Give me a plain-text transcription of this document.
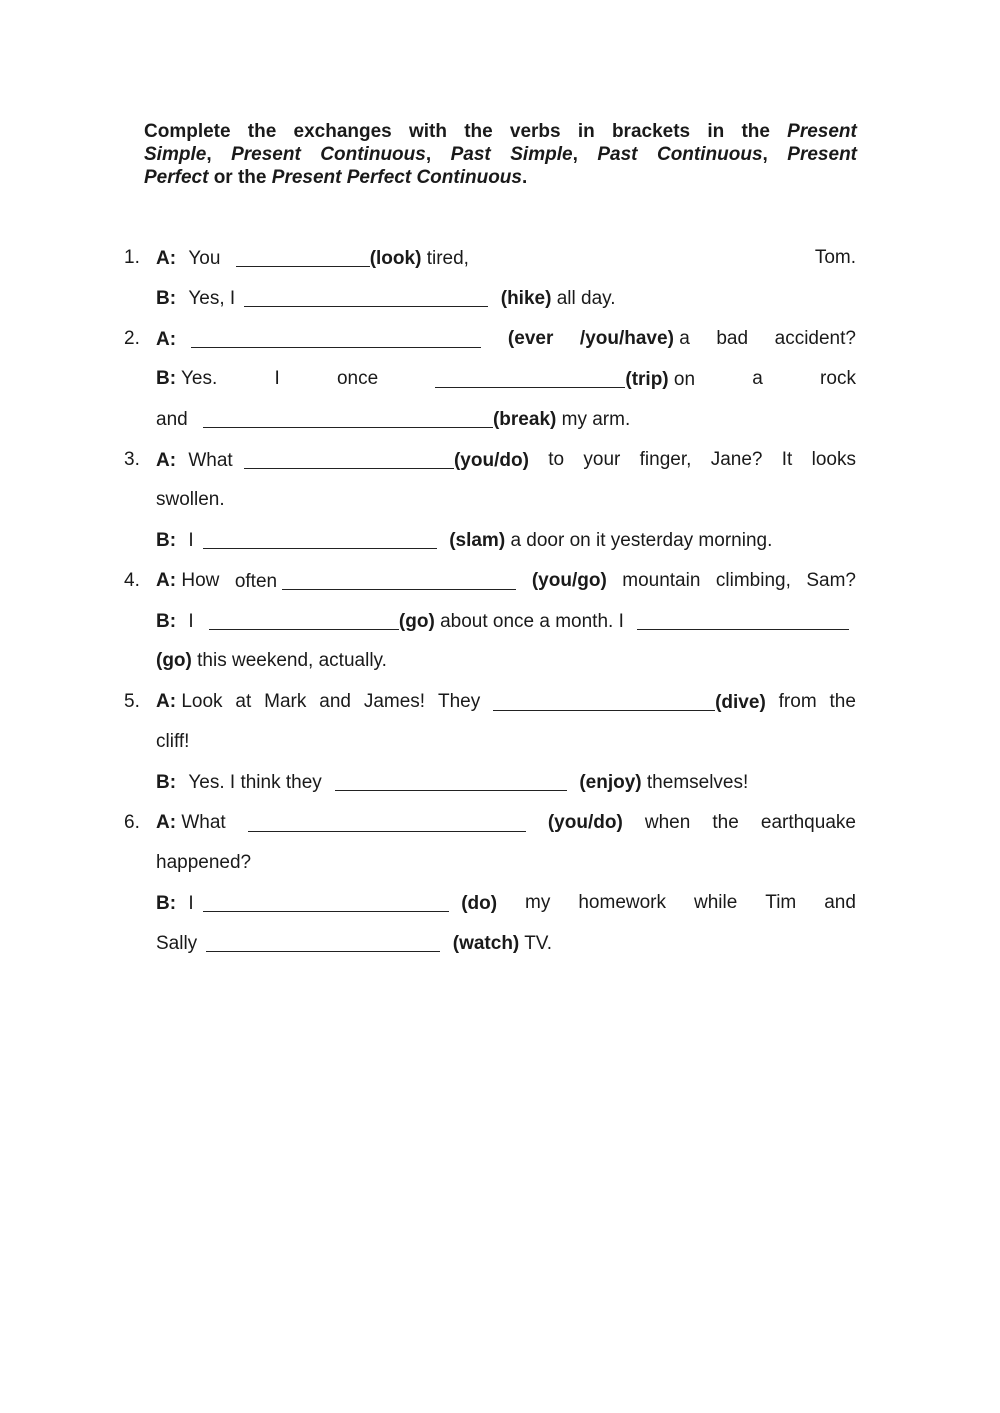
Complete the exchanges with the verbs in brackets in the Present
Simple, Present Continuous, Past Simple, Past Continuous, Present
Perfect or the Present Perfect Continuous.
1. A: You	(look) tired,	Tom.
B: Yes, I	(hike) all day.
2. A:	(ever /you/have) a bad accident?
B: Yes.	I	once	(trip) on	a	rock
and	(break) my arm.
3. A: What	(you/do) to your finger, Jane? It looks
swollen.
B: I	(slam) a door on it yesterday morning.
4. A: How often	(you/go) mountain climbing, Sam?
B: I	(go) about once a month. I
(go) this weekend, actually.
5. A: Look at Mark and James! They	(dive) from the
cliff!
B: Yes. I think they	(enjoy) themselves!
6. A: What	(you/do) when the earthquake
happened?
B: I	(do) my homework while Tim and
Sally	(watch) TV.
